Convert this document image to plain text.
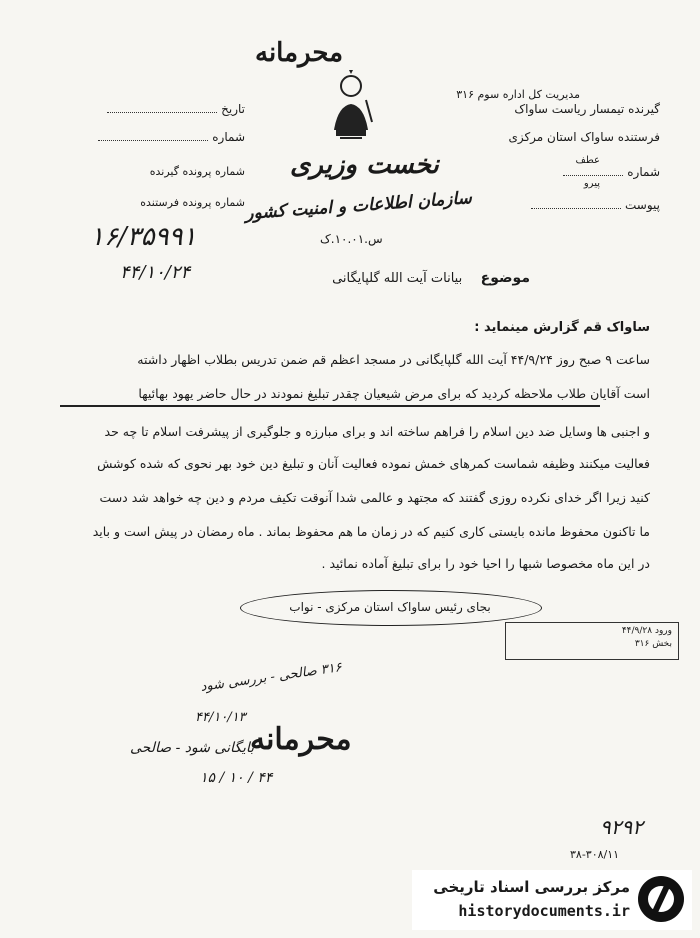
محرمانه
گیرنده تیمسار ریاست ساواک
مدیریت کل اداره سوم ۳۱۶
فرستنده ساواک استان مرکزی
شماره
عطف
پیرو
پیوست
تاریخ
شماره
شماره پرونده گیرنده
شماره پرونده فرستنده
۱۶/۳۵۹۹۱
۴۴/۱۰/۲۴
نخست وزیری
سازمان اطلاعات و امنیت کشور
س.۱۰.۰۱.ک
موضوع بیانات آیت الله گلپایگانی
ساواک قم گزارش مینماید :
ساعت ۹ صبح روز ۴۴/۹/۲۴ آیت الله گلپایگانی در مسجد اعظم قم ضمن تدریس بطلاب اظهار داشته
است آقایان طلاب ملاحظه کردید که برای مرض شیعیان چقدر تبلیغ نمودند در حال حاضر یهود بهائیها
و اجنبی ها وسایل ضد دین اسلام را فراهم ساخته اند و برای مبارزه و جلوگیری از پیشرفت اسلام تا چه حد
فعالیت میکنند وظیفه شماست کمرهای خمش نموده فعالیت آنان و تبلیغ دین خود بهر نحوی که شده کوشش
کنید زیرا اگر خدای نکرده روزی گفتند که مجتهد و عالمی شدا آنوقت تکیف مردم و دین چه خواهد شد دست
ما تاکنون محفوظ مانده بایستی کاری کنیم که در زمان ما هم محفوظ بماند . ماه رمضان در پیش است و باید
در این ماه مخصوصا شبها را احیا خود را برای تبلیغ آماده نمائید .
بجای رئیس ساواک استان مرکزی - نواب
ورود ۴۴/۹/۲۸
بخش ۳۱۶
۳۱۶ صالحی - بررسی شود
۴۴/۱۰/۱۳
بایگانی شود - صالحی
۱۵ / ۱۰ / ۴۴
محرمانه
۹۲۹۲
۳۸-۳۰۸/۱۱
مرکز بررسی اسناد تاریخی
historydocuments.ir
